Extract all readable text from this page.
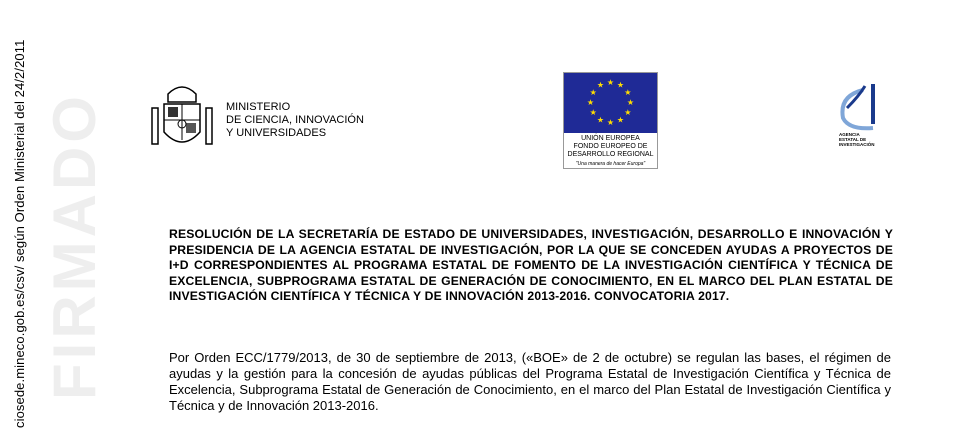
FIRMADO
ciosede.mineco.gob.es/csv/ según Orden Ministerial del 24/2/2011	MINISTERIO
DE CIENCIA, INNOVACIÓN
Y UNIVERSIDADES
★ ★
★
★
★
★
★
★
★
★
★
★
UNIÓN EUROPEA
FONDO EUROPEO DE
DESARROLLO REGIONAL
"Una manera de hacer Europa"
AGENCIA
ESTATAL DE
INVESTIGACIÓN
RESOLUCIÓN DE LA SECRETARÍA DE ESTADO DE UNIVERSIDADES, INVESTIGACIÓN, DESARROLLO E INNOVACIÓN Y PRESIDENCIA DE LA AGENCIA ESTATAL DE INVESTIGACIÓN, POR LA QUE SE CONCEDEN AYUDAS A PROYECTOS DE I+D CORRESPONDIENTES AL PROGRAMA ESTATAL DE FOMENTO DE LA INVESTIGACIÓN CIENTÍFICA Y TÉCNICA DE EXCELENCIA, SUBPROGRAMA ESTATAL DE GENERACIÓN DE CONOCIMIENTO, EN EL MARCO DEL PLAN ESTATAL DE INVESTIGACIÓN CIENTÍFICA Y TÉCNICA Y DE INNOVACIÓN 2013-2016. CONVOCATORIA 2017.
Por Orden ECC/1779/2013, de 30 de septiembre de 2013, («BOE» de 2 de octubre) se regulan las bases, el régimen de ayudas y la gestión para la concesión de ayudas públicas del Programa Estatal de Investigación Científica y Técnica de Excelencia, Subprograma Estatal de Generación de Conocimiento, en el marco del Plan Estatal de Investigación Científica y Técnica y de Innovación 2013-2016.
